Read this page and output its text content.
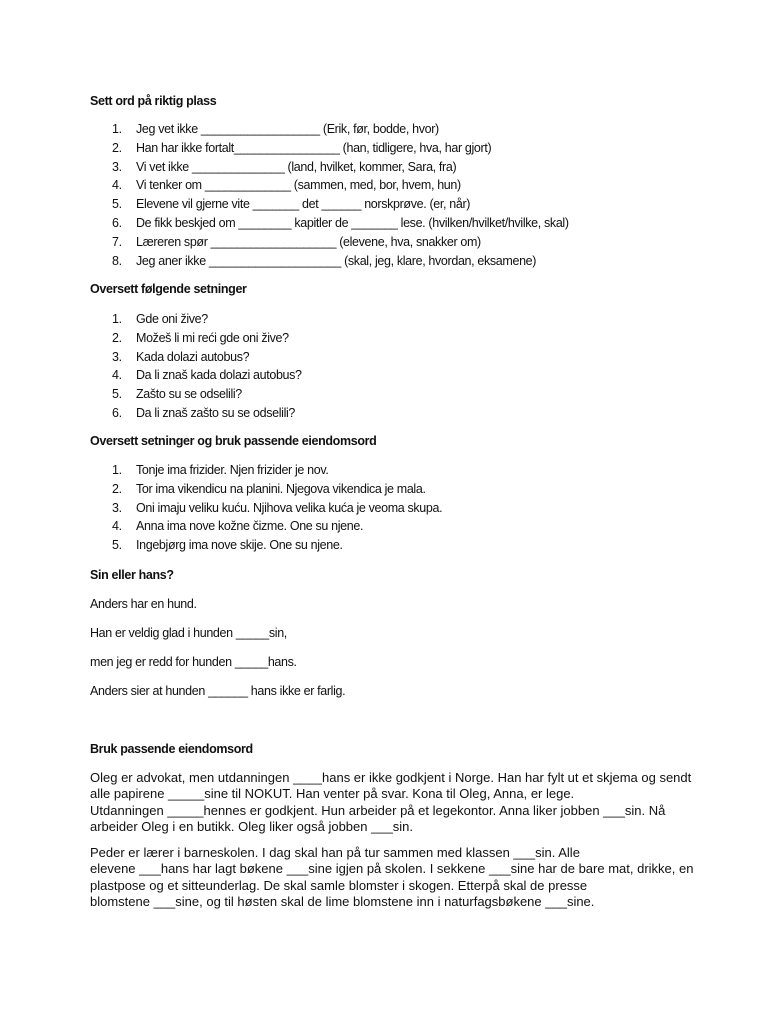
Sett ord på riktig plass

1. Jeg vet ikke __________________ (Erik, før, bodde, hvor)
2. Han har ikke fortalt________________ (han, tidligere, hva, har gjort)
3. Vi vet ikke ______________ (land, hvilket, kommer, Sara, fra)
4. Vi tenker om _____________ (sammen, med, bor, hvem, hun)
5. Elevene vil gjerne vite _______ det ______ norskprøve. (er, når)
6. De fikk beskjed om ________ kapitler de _______ lese. (hvilken/hvilket/hvilke, skal)
7. Læreren spør ___________________ (elevene, hva, snakker om)
8. Jeg aner ikke ____________________ (skal, jeg, klare, hvordan, eksamene)

Oversett følgende setninger

1. Gde oni žive?
2. Možeš li mi reći gde oni žive?
3. Kada dolazi autobus?
4. Da li znaš kada dolazi autobus?
5. Zašto su se odselili?
6. Da li znaš zašto su se odselili?

Oversett setninger og bruk passende eiendomsord

1. Tonje ima frizider. Njen frizider je nov.
2. Tor ima vikendicu na planini. Njegova vikendica je mala.
3. Oni imaju veliku kuću. Njihova velika kuća je veoma skupa.
4. Anna ima nove kožne čizme. One su njene.
5. Ingebjørg ima nove skije. One su njene.

Sin eller hans?

Anders har en hund.

Han er veldig glad i hunden _____sin,

men jeg er redd for hunden _____hans.

Anders sier at hunden ______ hans ikke er farlig.

Bruk passende eiendomsord

Oleg er advokat, men utdanningen ____hans er ikke godkjent i Norge. Han har fylt ut et skjema og sendt
alle papirene _____sine til NOKUT. Han venter på svar. Kona til Oleg, Anna, er lege.
Utdanningen _____hennes er godkjent. Hun arbeider på et legekontor. Anna liker jobben ___sin. Nå
arbeider Oleg i en butikk. Oleg liker også jobben ___sin.
Peder er lærer i barneskolen. I dag skal han på tur sammen med klassen ___sin. Alle
elevene ___hans har lagt bøkene ___sine igjen på skolen. I sekkene ___sine har de bare mat, drikke, en
plastpose og et sitteunderlag. De skal samle blomster i skogen. Etterpå skal de presse
blomstene ___sine, og til høsten skal de lime blomstene inn i naturfagsbøkene ___sine.
